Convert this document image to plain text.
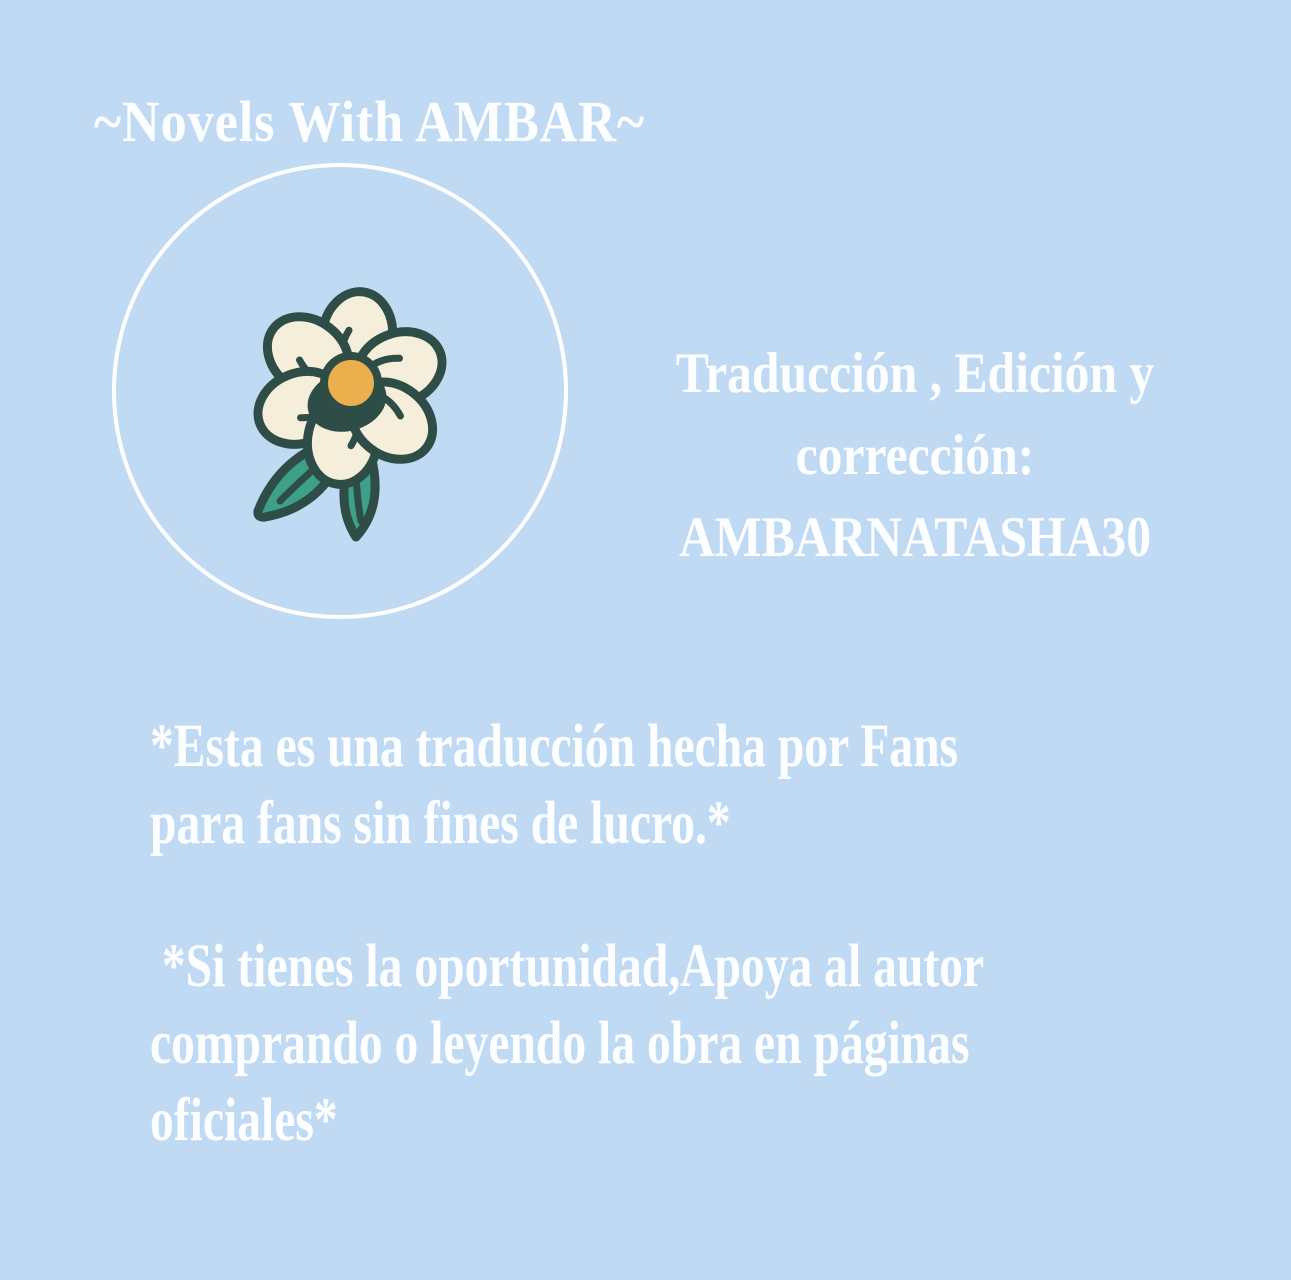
~Novels With AMBAR~
Traducción , Edición y
corrección:
AMBARNATASHA30
*Esta es una traducción hecha por Fans
para fans sin fines de lucro.*
*Si tienes la oportunidad,Apoya al autor
comprando o leyendo la obra en páginas
oficiales*
